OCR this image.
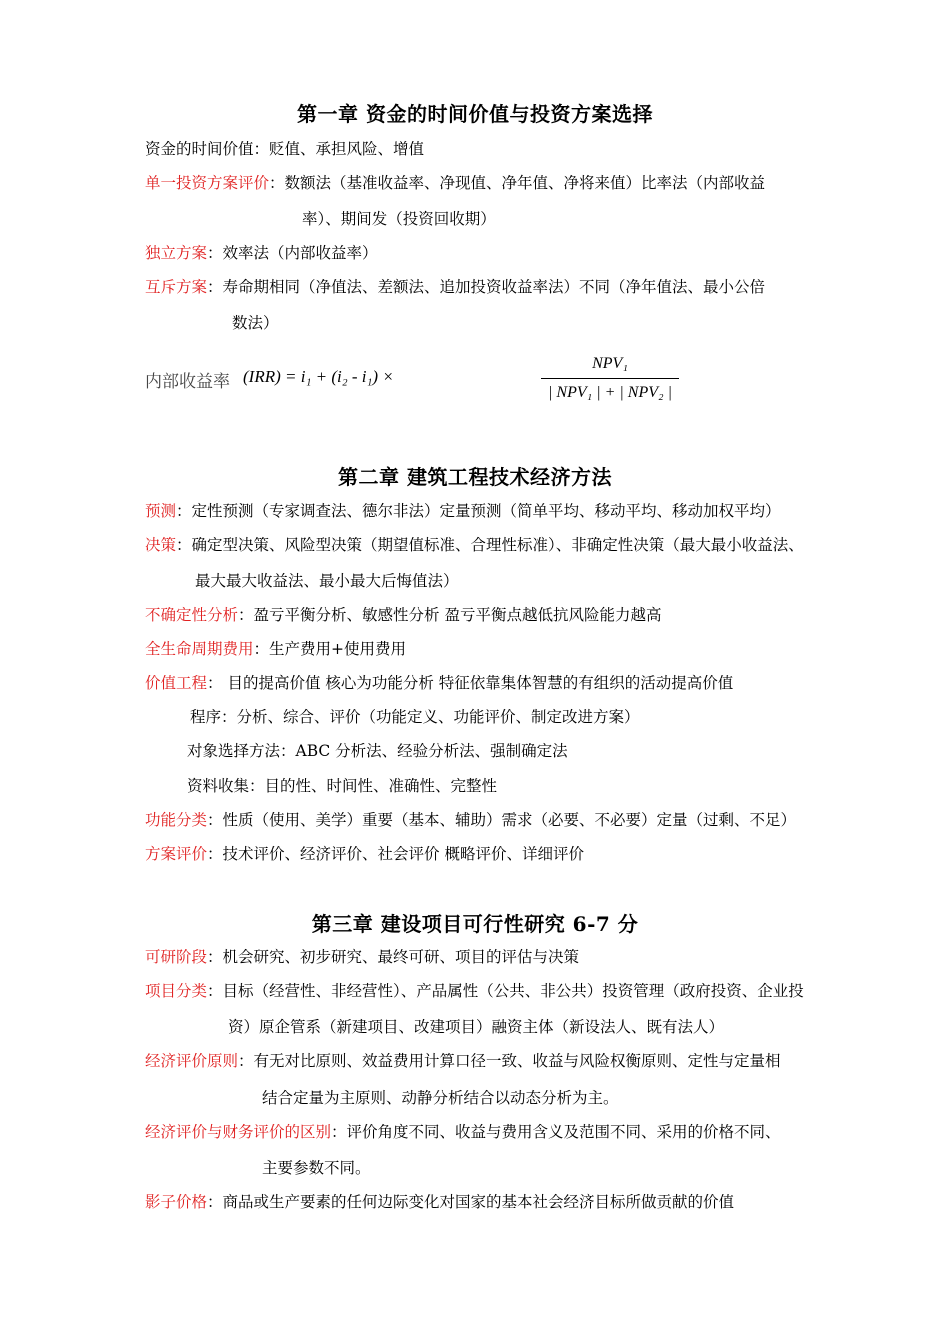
第一章 资金的时间价值与投资方案选择
资金的时间价值：贬值、承担风险、增值
单一投资方案评价：数额法（基准收益率、净现值、净年值、净将来值）比率法（内部收益
率）、期间发（投资回收期）
独立方案：效率法（内部收益率）
互斥方案：寿命期相同（净值法、差额法、追加投资收益率法）不同（净年值法、最小公倍
数法）
内部收益率 (IRR) = i₁ + (i₂ - i₁) ×
NPV₁
| NPV₁ | + | NPV₂ |
第二章 建筑工程技术经济方法
预测：定性预测（专家调查法、德尔非法）定量预测（简单平均、移动平均、移动加权平均）
决策：确定型决策、风险型决策（期望值标准、合理性标准）、非确定性决策（最大最小收益法、
最大最大收益法、最小最大后悔值法）
不确定性分析：盈亏平衡分析、敏感性分析 盈亏平衡点越低抗风险能力越高
全生命周期费用：生产费用+使用费用
价值工程： 目的提高价值 核心为功能分析 特征依靠集体智慧的有组织的活动提高价值
程序：分析、综合、评价（功能定义、功能评价、制定改进方案）
对象选择方法：ABC 分析法、经验分析法、强制确定法
资料收集：目的性、时间性、准确性、完整性
功能分类：性质（使用、美学）重要（基本、辅助）需求（必要、不必要）定量（过剩、不足）
方案评价：技术评价、经济评价、社会评价 概略评价、详细评价
第三章 建设项目可行性研究 6-7 分
可研阶段：机会研究、初步研究、最终可研、项目的评估与决策
项目分类：目标（经营性、非经营性）、产品属性（公共、非公共）投资管理（政府投资、企业投
资）原企管系（新建项目、改建项目）融资主体（新设法人、既有法人）
经济评价原则：有无对比原则、效益费用计算口径一致、收益与风险权衡原则、定性与定量相
结合定量为主原则、动静分析结合以动态分析为主。
经济评价与财务评价的区别：评价角度不同、收益与费用含义及范围不同、采用的价格不同、
主要参数不同。
影子价格：商品或生产要素的任何边际变化对国家的基本社会经济目标所做贡献的价值
